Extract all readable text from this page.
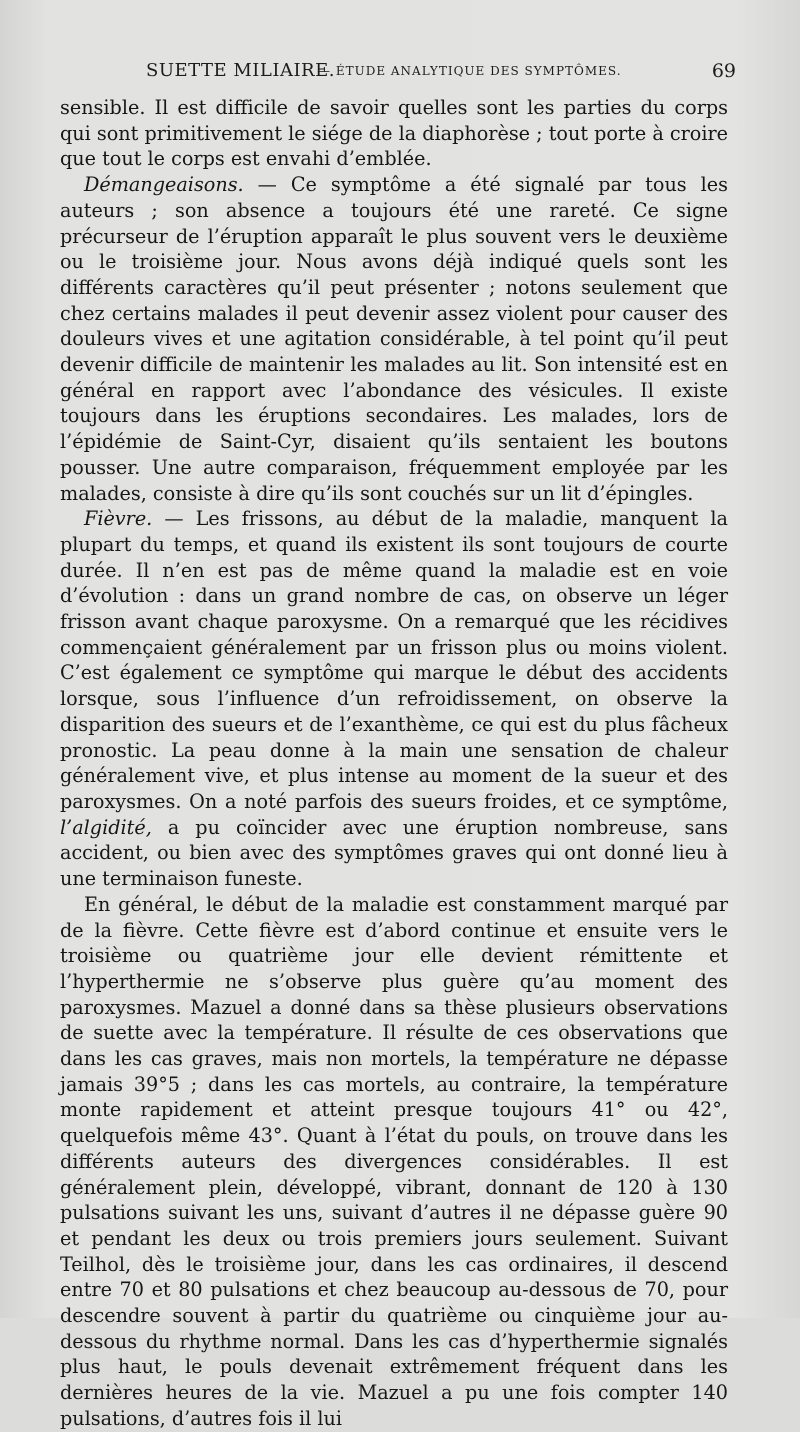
SUETTE MILIAIRE.
— ÉTUDE ANALYTIQUE DES SYMPTÔMES.	69

sensible. Il est difficile de savoir quelles sont les parties du corps qui sont primitivement le siége de la diaphorèse ; tout porte à croire que tout le corps est envahi d’emblée.

Démangeaisons. — Ce symptôme a été signalé par tous les auteurs ; son absence a toujours été une rareté. Ce signe précurseur de l’éruption apparaît le plus souvent vers le deuxième ou le troisième jour. Nous avons déjà indiqué quels sont les différents caractères qu’il peut présenter ; notons seulement que chez certains malades il peut devenir assez violent pour causer des douleurs vives et une agitation considérable, à tel point qu’il peut devenir difficile de maintenir les malades au lit. Son intensité est en général en rapport avec l’abondance des vésicules. Il existe toujours dans les éruptions secondaires. Les malades, lors de l’épidémie de Saint-Cyr, disaient qu’ils sentaient les boutons pousser. Une autre comparaison, fréquemment employée par les malades, consiste à dire qu’ils sont couchés sur un lit d’épingles.

Fièvre. — Les frissons, au début de la maladie, manquent la plupart du temps, et quand ils existent ils sont toujours de courte durée. Il n’en est pas de même quand la maladie est en voie d’évolution : dans un grand nombre de cas, on observe un léger frisson avant chaque paroxysme. On a remarqué que les récidives commençaient généralement par un frisson plus ou moins violent. C’est également ce symptôme qui marque le début des accidents lorsque, sous l’influence d’un refroidissement, on observe la disparition des sueurs et de l’exanthème, ce qui est du plus fâcheux pronostic. La peau donne à la main une sensation de chaleur généralement vive, et plus intense au moment de la sueur et des paroxysmes. On a noté parfois des sueurs froides, et ce symptôme, l’algidité, a pu coïncider avec une éruption nombreuse, sans accident, ou bien avec des symptômes graves qui ont donné lieu à une terminaison funeste.

En général, le début de la maladie est constamment marqué par de la fièvre. Cette fièvre est d’abord continue et ensuite vers le troisième ou quatrième jour elle devient rémittente et l’hyperthermie ne s’observe plus guère qu’au moment des paroxysmes. Mazuel a donné dans sa thèse plusieurs observations de suette avec la température. Il résulte de ces observations que dans les cas graves, mais non mortels, la température ne dépasse jamais 39°5 ; dans les cas mortels, au contraire, la température monte rapidement et atteint presque toujours 41° ou 42°, quelquefois même 43°. Quant à l’état du pouls, on trouve dans les différents auteurs des divergences considérables. Il est généralement plein, développé, vibrant, donnant de 120 à 130 pulsations suivant les uns, suivant d’autres il ne dépasse guère 90 et pendant les deux ou trois premiers jours seulement. Suivant Teilhol, dès le troisième jour, dans les cas ordinaires, il descend entre 70 et 80 pulsations et chez beaucoup au-dessous de 70, pour descendre souvent à partir du quatrième ou cinquième jour au-dessous du rhythme normal. Dans les cas d’hyperthermie signalés plus haut, le pouls devenait extrêmement fréquent dans les dernières heures de la vie. Mazuel a pu une fois compter 140 pulsations, d’autres fois il lui
